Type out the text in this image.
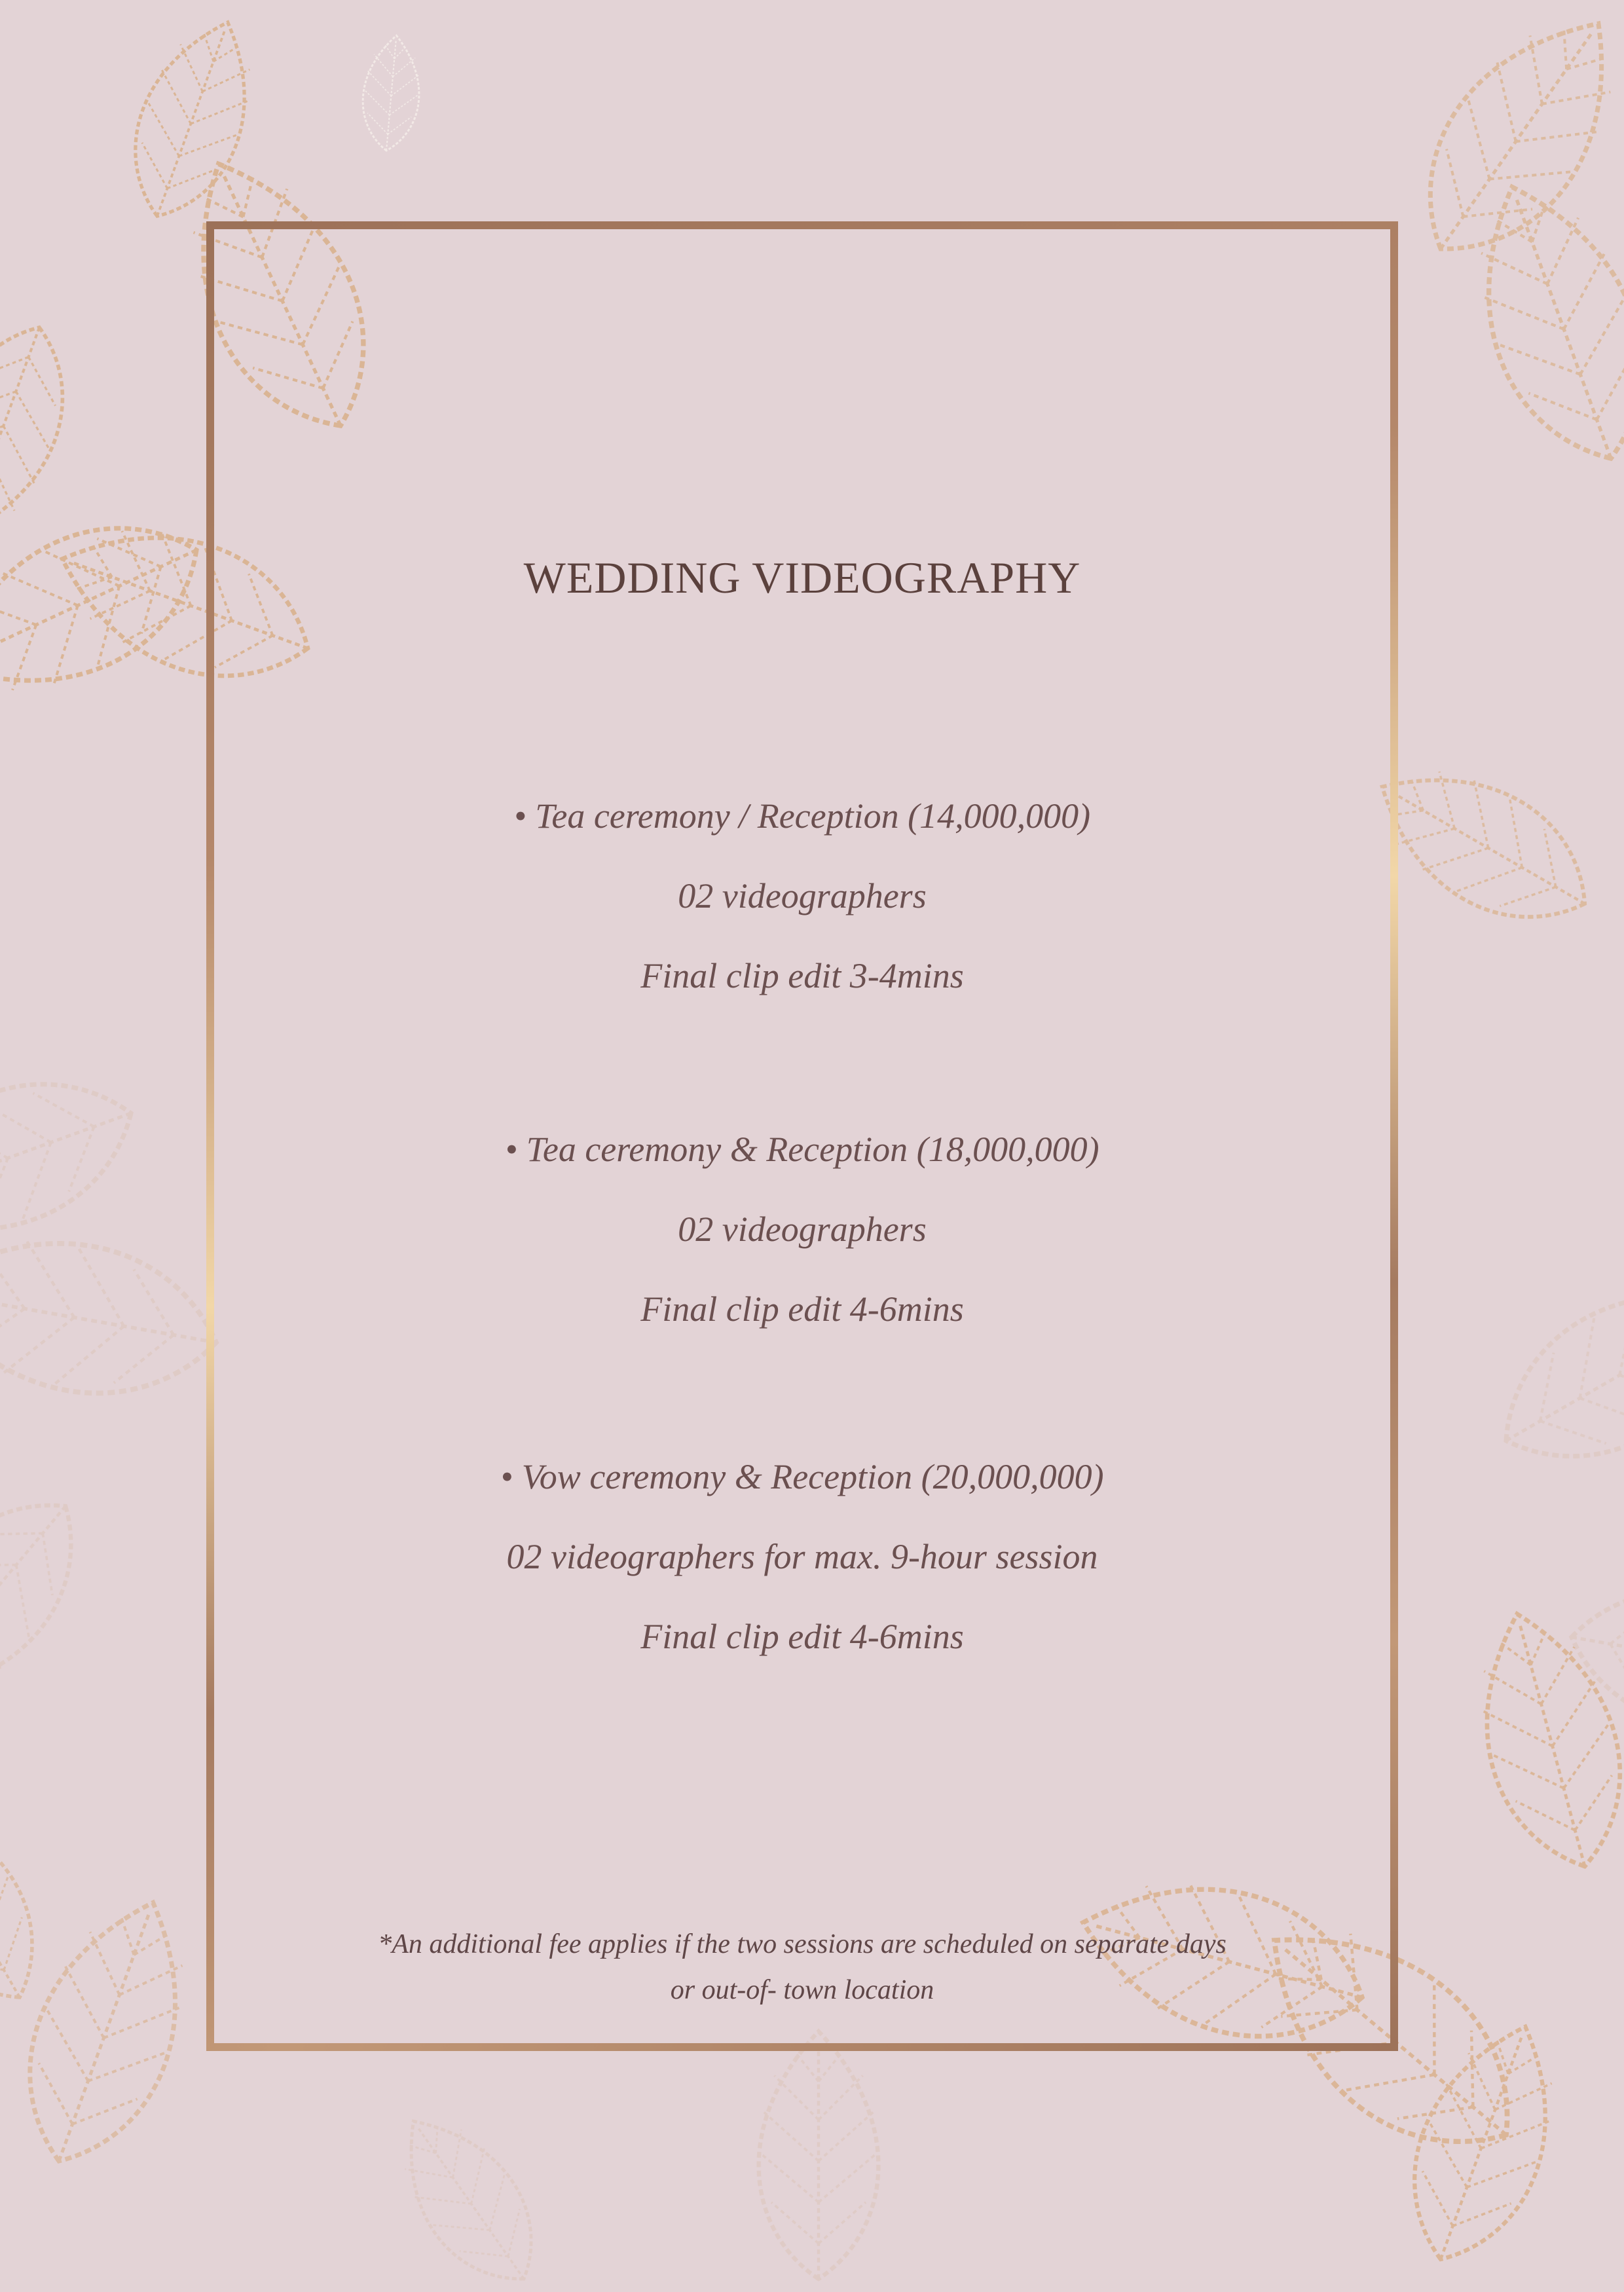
WEDDING VIDEOGRAPHY
• Tea ceremony / Reception (14,000,000)
02 videographers
Final clip edit 3-4mins
• Tea ceremony & Reception (18,000,000)
02 videographers
Final clip edit 4-6mins
• Vow ceremony & Reception (20,000,000)
02 videographers for max. 9-hour session
Final clip edit 4-6mins
*An additional fee applies if the two sessions are scheduled on separate days
or out-of- town location
